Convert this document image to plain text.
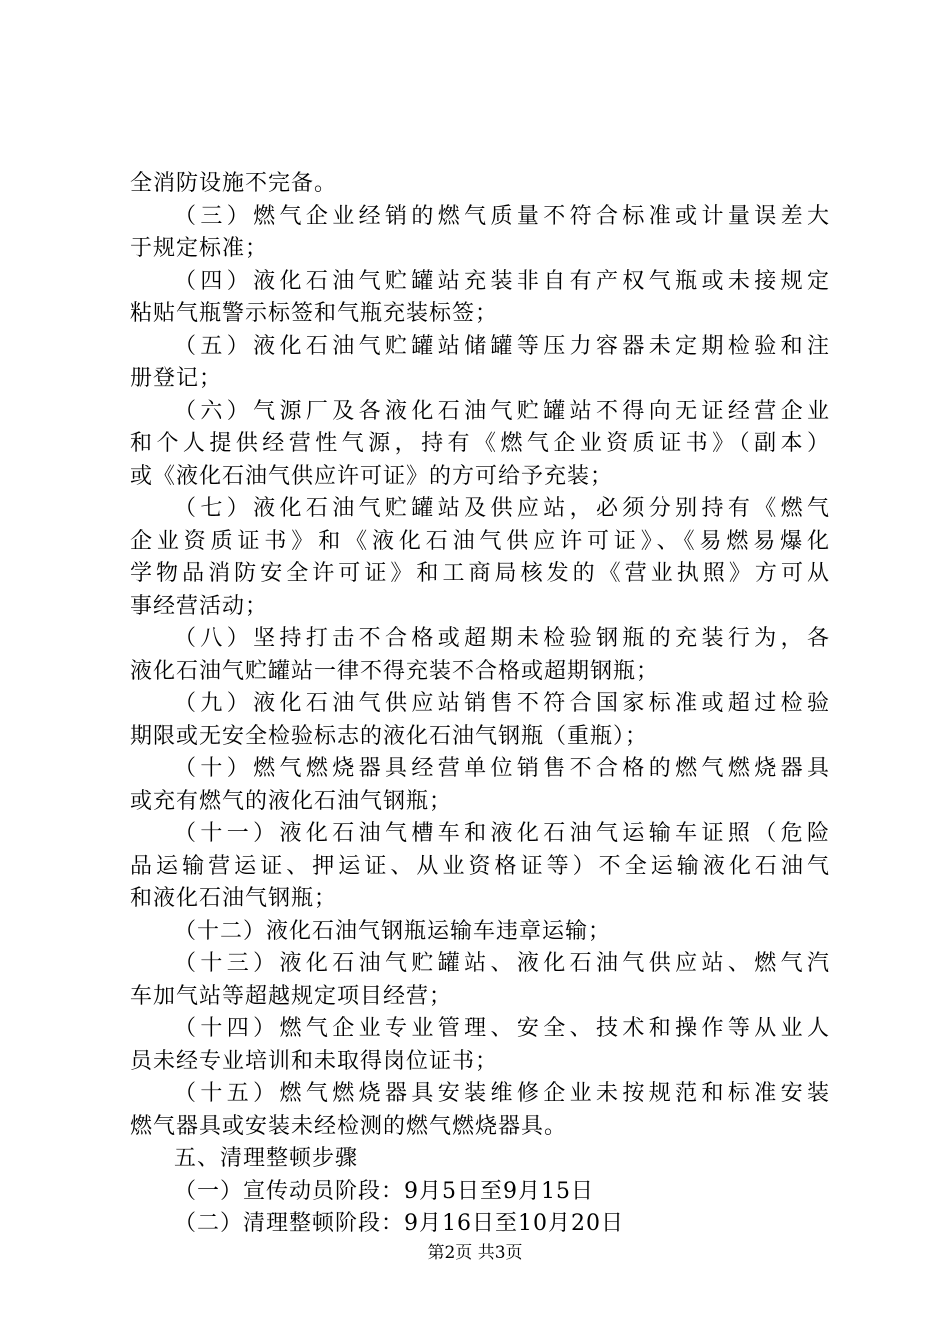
全消防设施不完备。
（三）燃气企业经销的燃气质量不符合标准或计量误差大
于规定标准；
（四）液化石油气贮罐站充装非自有产权气瓶或未接规定
粘贴气瓶警示标签和气瓶充装标签；
（五）液化石油气贮罐站储罐等压力容器未定期检验和注
册登记；
（六）气源厂及各液化石油气贮罐站不得向无证经营企业
和个人提供经营性气源，持有《燃气企业资质证书》（副本）
或《液化石油气供应许可证》的方可给予充装；
（七）液化石油气贮罐站及供应站，必须分别持有《燃气
企业资质证书》和《液化石油气供应许可证》、《易燃易爆化
学物品消防安全许可证》和工商局核发的《营业执照》方可从
事经营活动；
（八）坚持打击不合格或超期未检验钢瓶的充装行为，各
液化石油气贮罐站一律不得充装不合格或超期钢瓶；
（九）液化石油气供应站销售不符合国家标准或超过检验
期限或无安全检验标志的液化石油气钢瓶（重瓶）；
（十）燃气燃烧器具经营单位销售不合格的燃气燃烧器具
或充有燃气的液化石油气钢瓶；
（十一）液化石油气槽车和液化石油气运输车证照（危险
品运输营运证、押运证、从业资格证等）不全运输液化石油气
和液化石油气钢瓶；
（十二）液化石油气钢瓶运输车违章运输；
（十三）液化石油气贮罐站、液化石油气供应站、燃气汽
车加气站等超越规定项目经营；
（十四）燃气企业专业管理、安全、技术和操作等从业人
员未经专业培训和未取得岗位证书；
（十五）燃气燃烧器具安装维修企业未按规范和标准安装
燃气器具或安装未经检测的燃气燃烧器具。
五、清理整顿步骤
（一）宣传动员阶段：9月5日至9月15日
（二）清理整顿阶段：9月16日至10月20日
第2页 共3页
